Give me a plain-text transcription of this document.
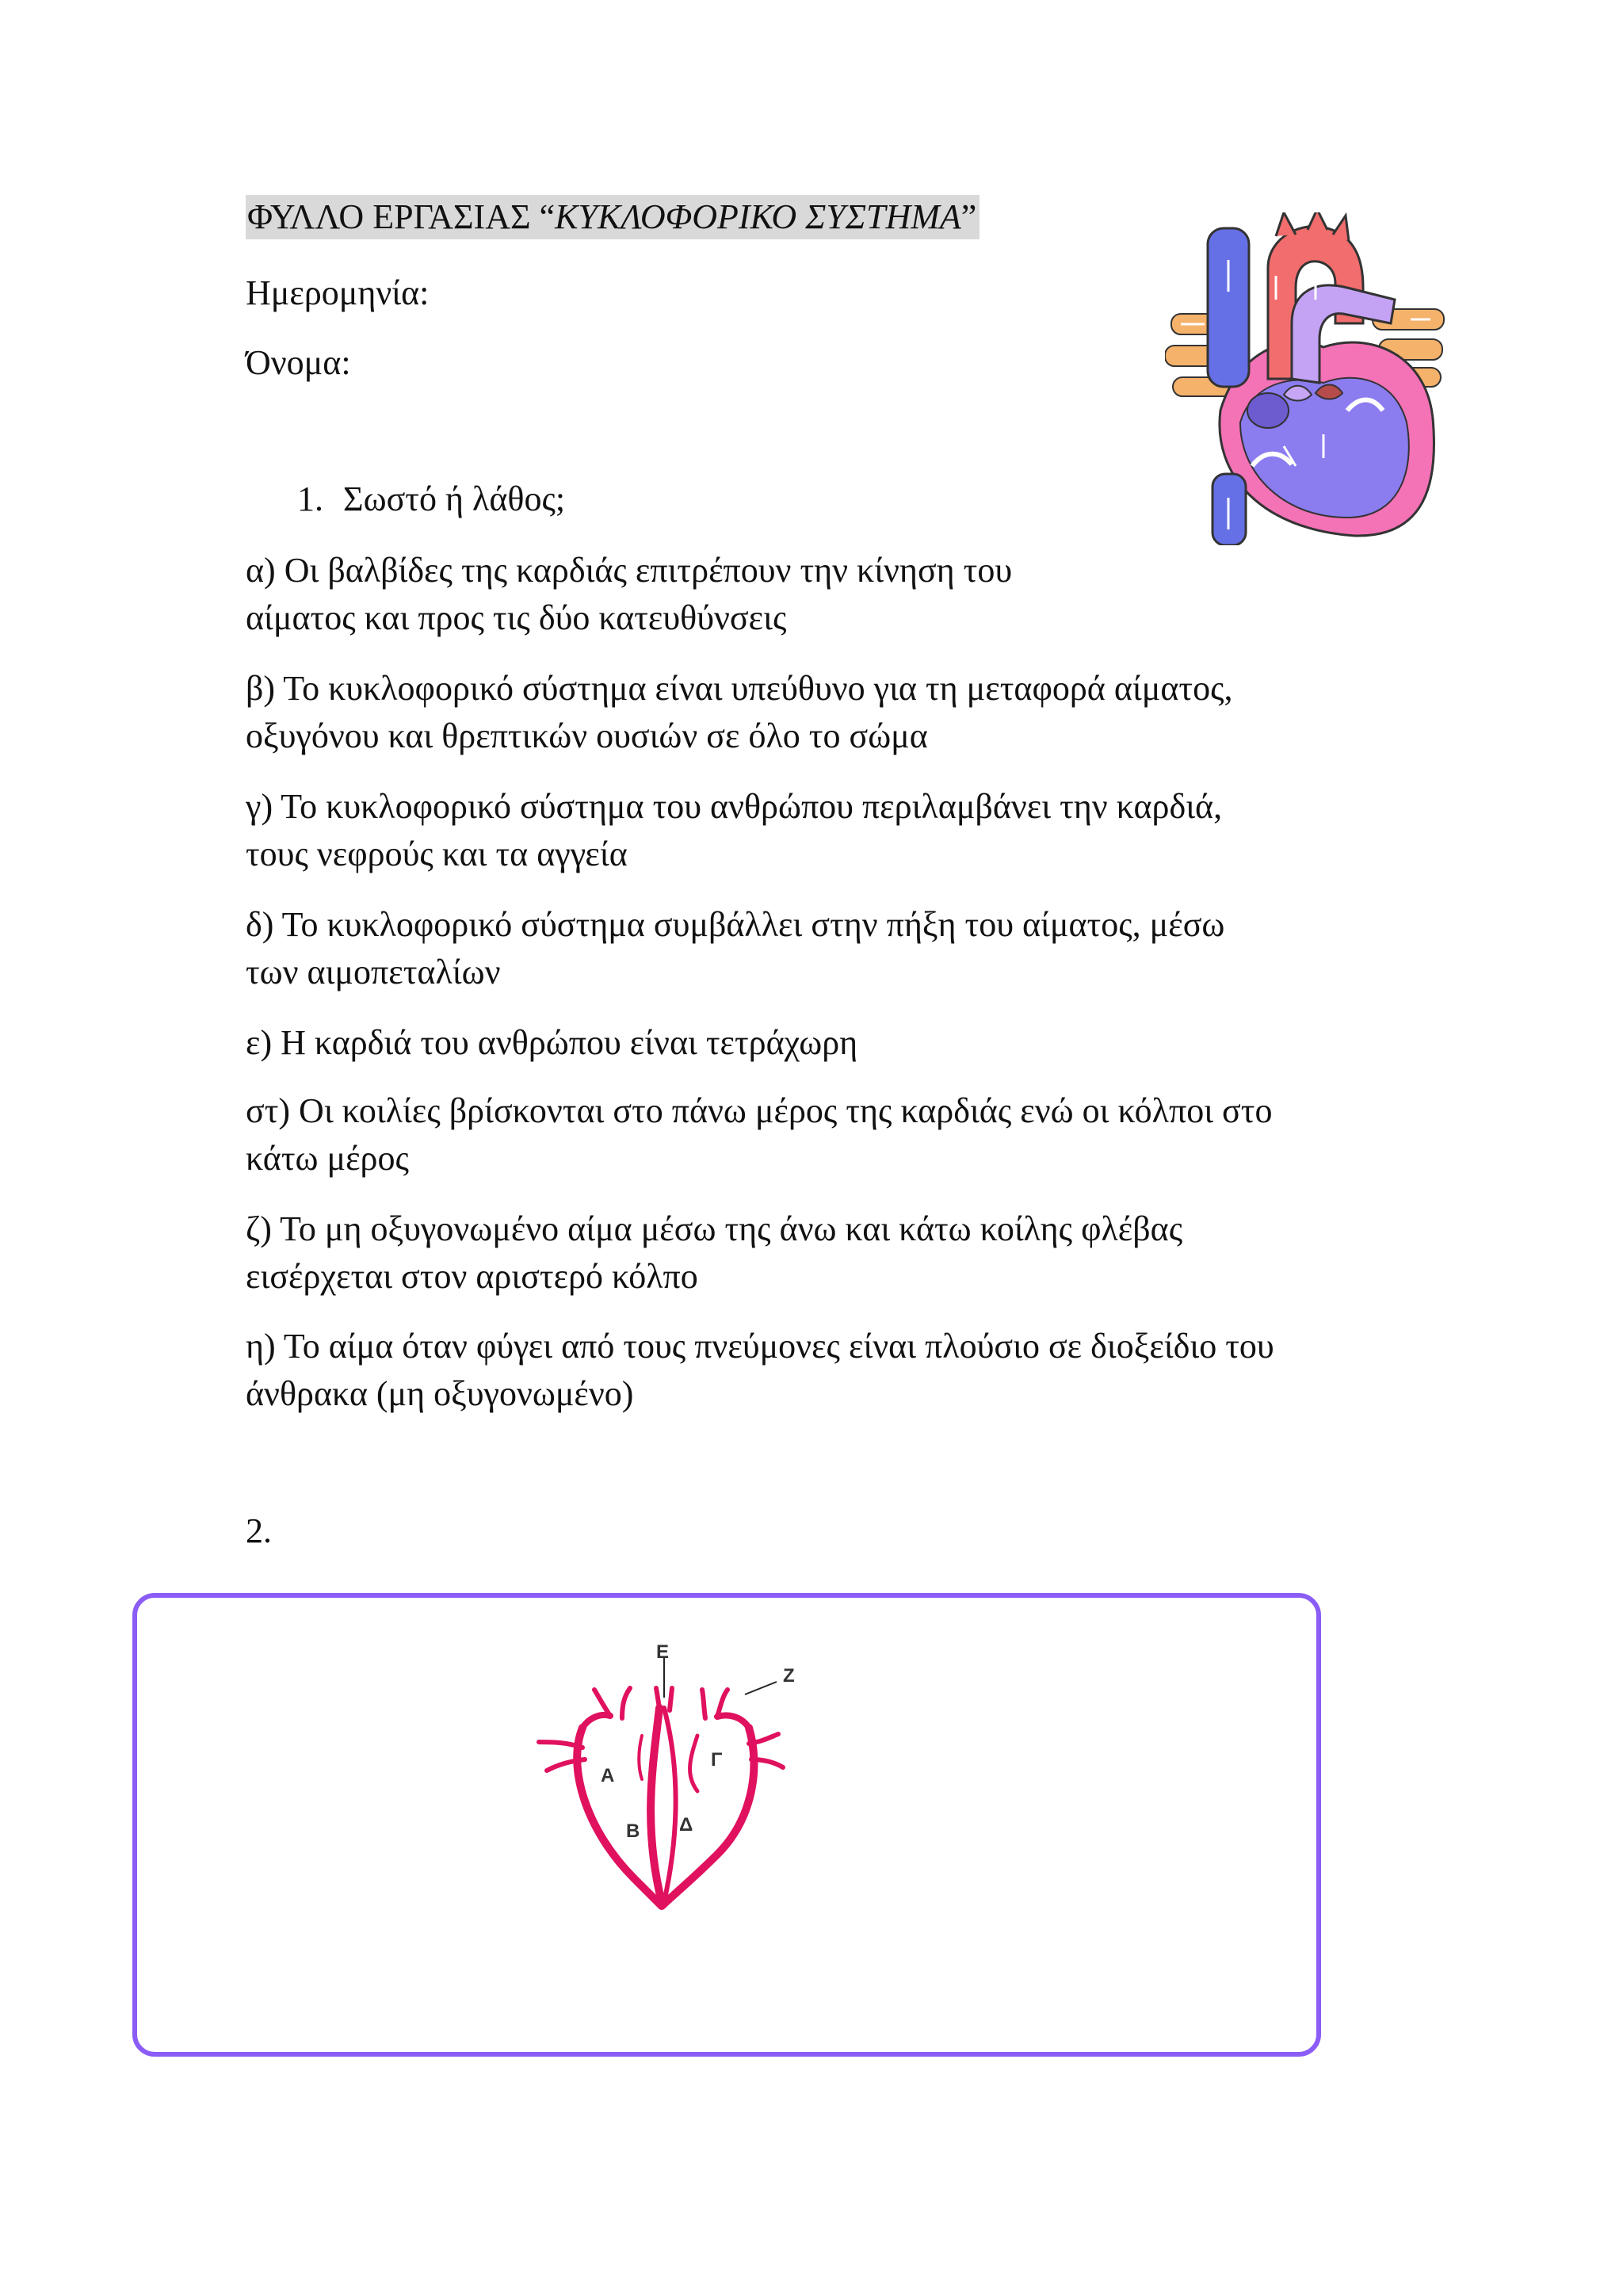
ΦΥΛΛΟ ΕΡΓΑΣΙΑΣ “ΚΥΚΛΟΦΟΡΙΚΟ ΣΥΣΤΗΜΑ”
Ημερομηνία:
Όνομα:
1. Σωστό ή λάθος;
α) Οι βαλβίδες της καρδιάς επιτρέπουν την κίνηση του
αίματος και προς τις δύο κατευθύνσεις
β) Το κυκλοφορικό σύστημα είναι υπεύθυνο για τη μεταφορά αίματος,
οξυγόνου και θρεπτικών ουσιών σε όλο το σώμα
γ) Το κυκλοφορικό σύστημα του ανθρώπου περιλαμβάνει την καρδιά,
τους νεφρούς και τα αγγεία
δ) Το κυκλοφορικό σύστημα συμβάλλει στην πήξη του αίματος, μέσω
των αιμοπεταλίων
ε) Η καρδιά του ανθρώπου είναι τετράχωρη
στ) Οι κοιλίες βρίσκονται στο πάνω μέρος της καρδιάς ενώ οι κόλποι στο
κάτω μέρος
ζ) Το μη οξυγονωμένο αίμα μέσω της άνω και κάτω κοίλης φλέβας
εισέρχεται στον αριστερό κόλπο
η) Το αίμα όταν φύγει από τους πνεύμονες είναι πλούσιο σε διοξείδιο του
άνθρακα (μη οξυγονωμένο)
2.
Ε
Ζ
Α
Γ
Β Δ
